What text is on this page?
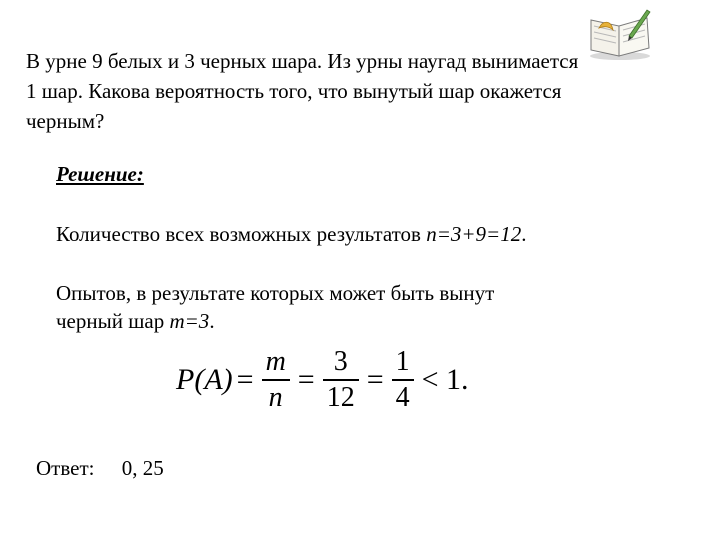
В урне 9 белых и 3 черных шара. Из урны наугад вынимается
1 шар. Какова вероятность того, что вынутый шар окажется
черным?
Решение:
Количество всех возможных результатов n=3+9=12.
Опытов, в результате которых может быть вынут
черный шар m=3.
$P(A) = \frac{m}{n} = \frac{3}{12} = \frac{1}{4} < 1$.
Ответ: 0, 25
